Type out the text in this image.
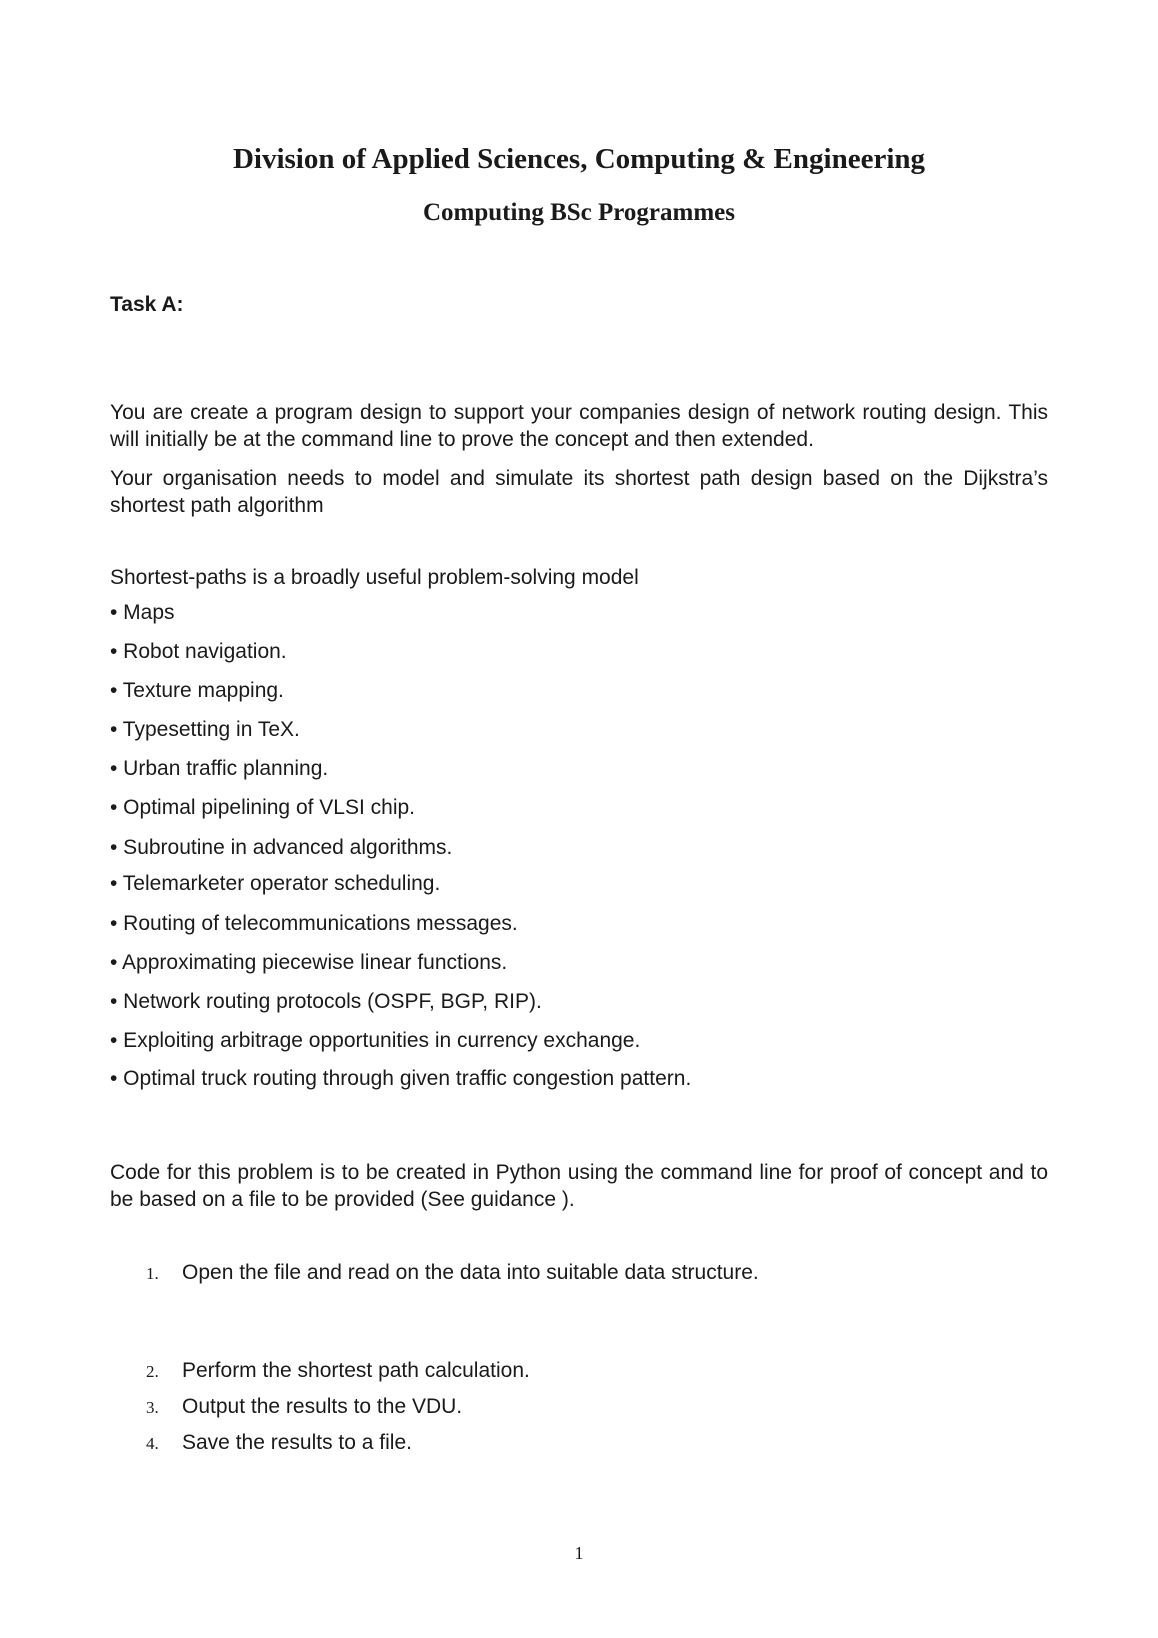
Division of Applied Sciences, Computing & Engineering
Computing BSc Programmes
Task A:
You are create a program design to support your companies design of network routing design. This will initially be at the command line to prove the concept and then extended.
Your organisation needs to model and simulate its shortest path design based on the Dijkstra’s shortest path algorithm
Shortest-paths is a broadly useful problem-solving model
• Maps
• Robot navigation.
• Texture mapping.
• Typesetting in TeX.
• Urban traffic planning.
• Optimal pipelining of VLSI chip.
• Subroutine in advanced algorithms.
• Telemarketer operator scheduling.
• Routing of telecommunications messages.
• Approximating piecewise linear functions.
• Network routing protocols (OSPF, BGP, RIP).
• Exploiting arbitrage opportunities in currency exchange.
• Optimal truck routing through given traffic congestion pattern.
Code for this problem is to be created in Python using the command line for proof of concept and to be based on a file to be provided (See guidance ).
1. Open the file and read on the data into suitable data structure.
2. Perform the shortest path calculation.
3. Output the results to the VDU.
4. Save the results to a file.
1
